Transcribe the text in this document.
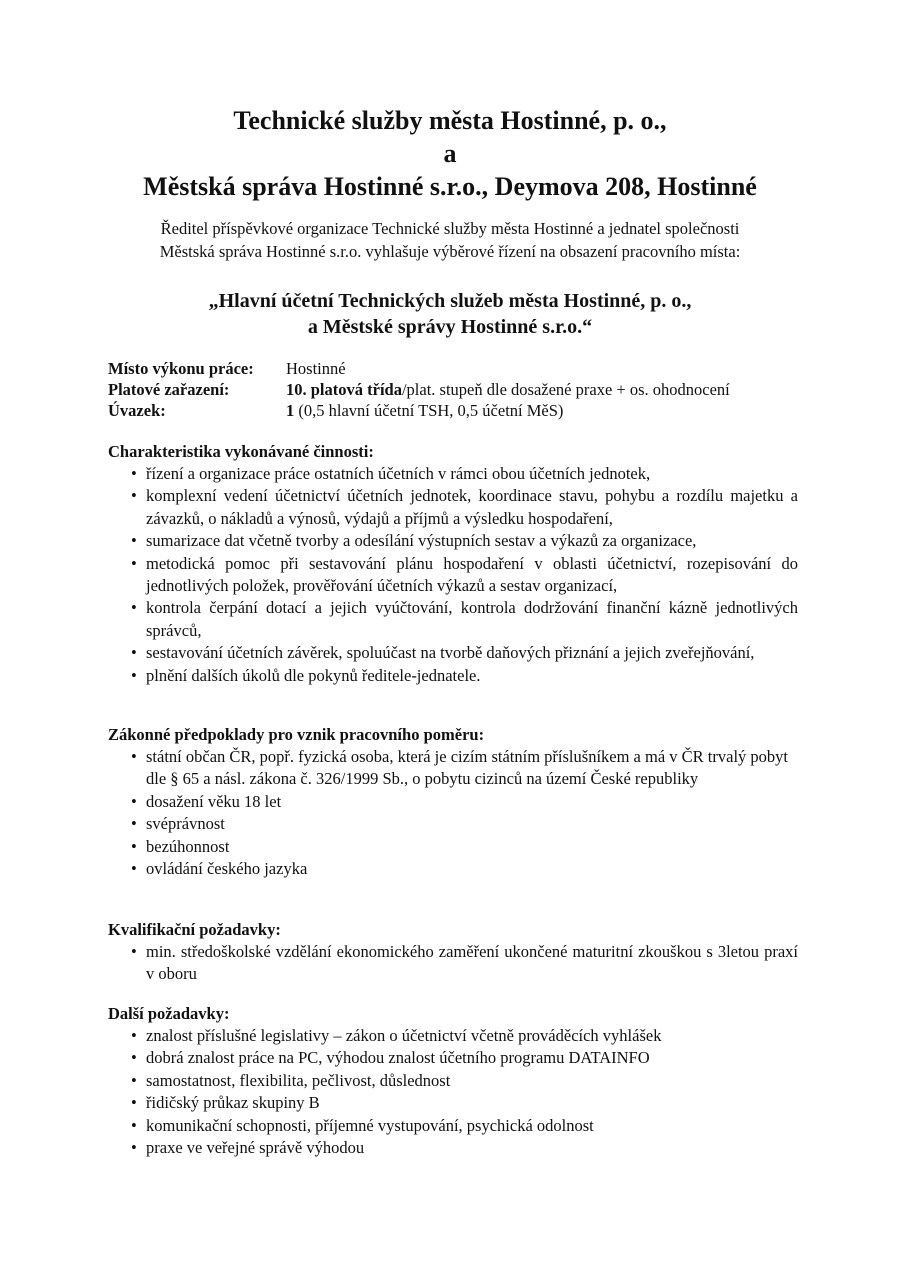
Technické služby města Hostinné, p. o.,
a
Městská správa Hostinné s.r.o., Deymova 208, Hostinné
Ředitel příspěvkové organizace Technické služby města Hostinné a jednatel společnosti
Městská správa Hostinné s.r.o. vyhlašuje výběrové řízení na obsazení pracovního místa:
„Hlavní účetní Technických služeb města Hostinné, p. o.,
a Městské správy Hostinné s.r.o.“
Místo výkonu práce:	Hostinné
Platové zařazení:	10. platová třída/plat. stupeň dle dosažené praxe + os. ohodnocení
Úvazek:	1 (0,5 hlavní účetní TSH, 0,5 účetní MěS)
Charakteristika vykonávané činnosti:
• řízení a organizace práce ostatních účetních v rámci obou účetních jednotek,
• komplexní vedení účetnictví účetních jednotek, koordinace stavu, pohybu a rozdílu majetku a závazků, o nákladů a výnosů, výdajů a příjmů a výsledku hospodaření,
• sumarizace dat včetně tvorby a odesílání výstupních sestav a výkazů za organizace,
• metodická pomoc při sestavování plánu hospodaření v oblasti účetnictví, rozepisování do jednotlivých položek, prověřování účetních výkazů a sestav organizací,
• kontrola čerpání dotací a jejich vyúčtování, kontrola dodržování finanční kázně jednotlivých správců,
• sestavování účetních závěrek, spoluúčast na tvorbě daňových přiznání a jejich zveřejňování,
• plnění dalších úkolů dle pokynů ředitele-jednatele.
Zákonné předpoklady pro vznik pracovního poměru:
• státní občan ČR, popř. fyzická osoba, která je cizím státním příslušníkem a má v ČR trvalý pobyt dle § 65 a násl. zákona č. 326/1999 Sb., o pobytu cizinců na území České republiky
• dosažení věku 18 let
• svéprávnost
• bezúhonnost
• ovládání českého jazyka
Kvalifikační požadavky:
• min. středoškolské vzdělání ekonomického zaměření ukončené maturitní zkouškou s 3letou praxí v oboru
Další požadavky:
• znalost příslušné legislativy – zákon o účetnictví včetně prováděcích vyhlášek
• dobrá znalost práce na PC, výhodou znalost účetního programu DATAINFO
• samostatnost, flexibilita, pečlivost, důslednost
• řidičský průkaz skupiny B
• komunikační schopnosti, příjemné vystupování, psychická odolnost
• praxe ve veřejné správě výhodou
